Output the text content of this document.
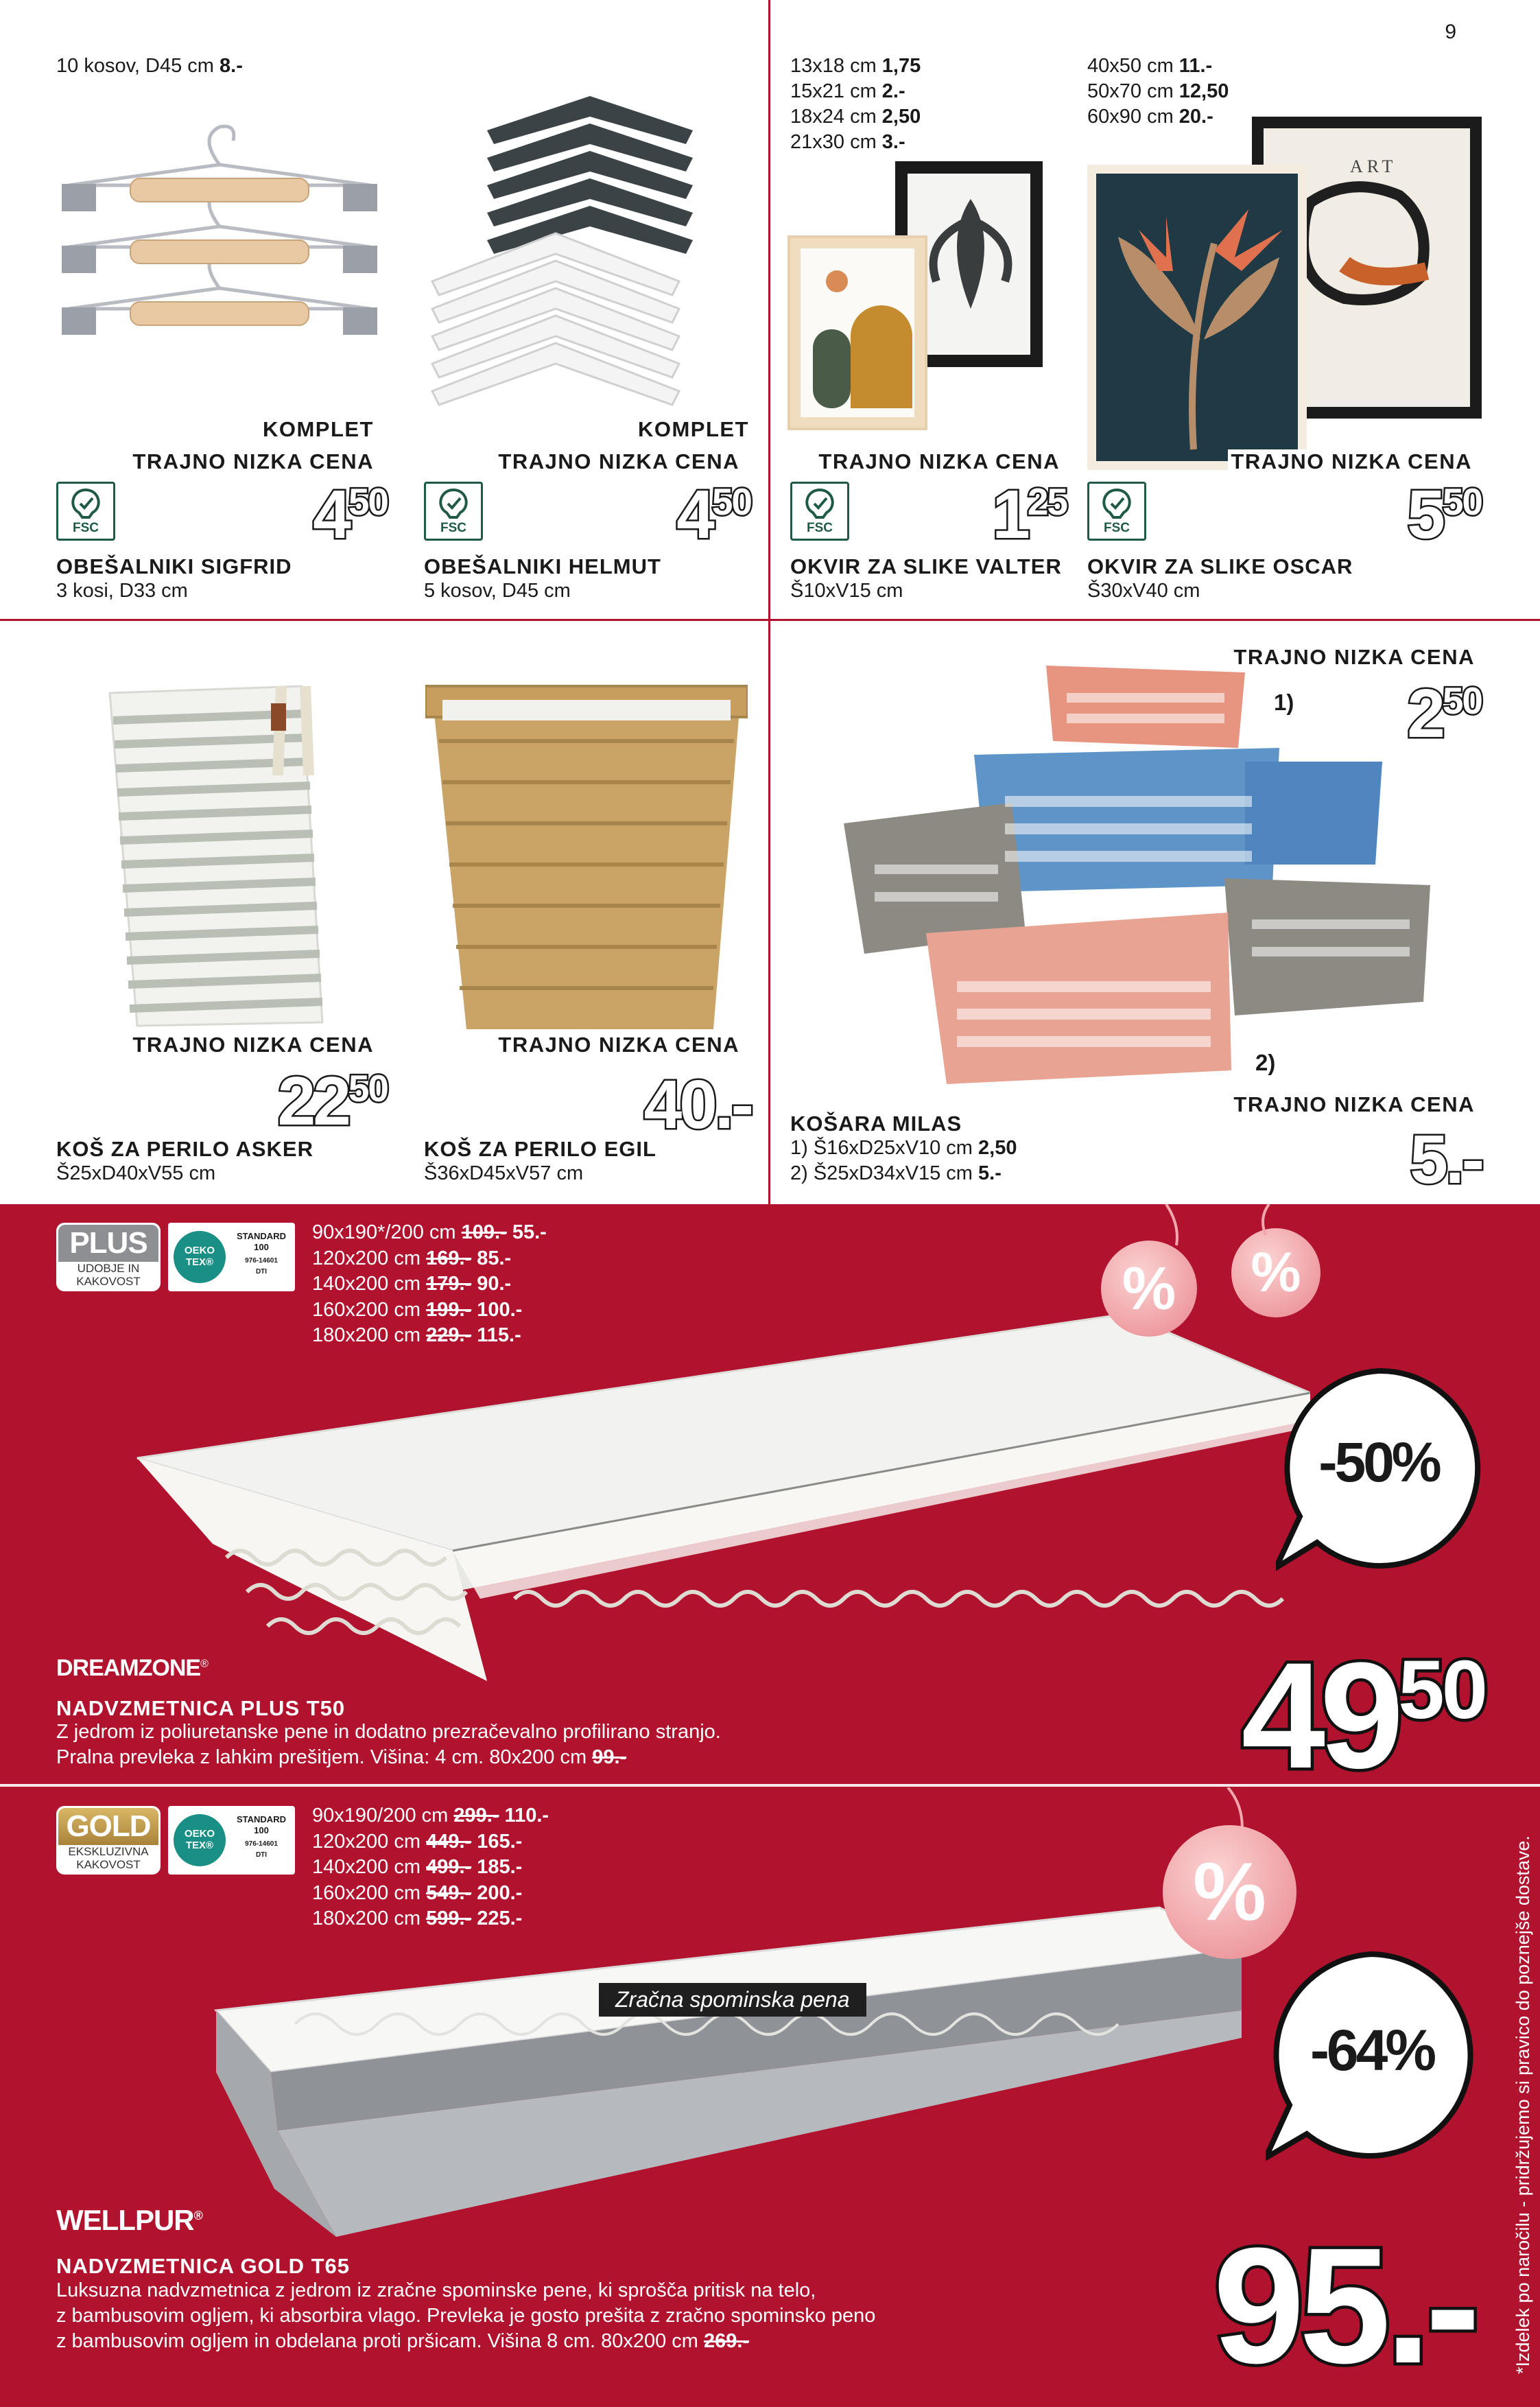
9
10 kosov, D45 cm 8.-
KOMPLET
TRAJNO NIZKA CENA
FSC	$4^{50}$
OBEŠALNIKI SIGFRID
3 kosi, D33 cm
KOMPLET
TRAJNO NIZKA CENA
FSC	$4^{50}$
OBEŠALNIKI HELMUT
5 kosov, D45 cm
13x18 cm 1,75
15x21 cm 2.-
18x24 cm 2,50
21x30 cm 3.-
TRAJNO NIZKA CENA
FSC $1^{25}$
OKVIR ZA SLIKE VALTER
Š10xV15 cm
40x50 cm 11.-
50x70 cm 12,50
60x90 cm 20.-
ART
TRAJNO NIZKA CENA
FSC	$5^{50}$
OKVIR ZA SLIKE OSCAR
Š30xV40 cm
TRAJNO NIZKA CENA
$22^{50}$
KOŠ ZA PERILO ASKER
Š25xD40xV55 cm
TRAJNO NIZKA CENA
40.-
KOŠ ZA PERILO EGIL
Š36xD45xV57 cm
TRAJNO NIZKA CENA
1) $2^{50}$
2)
TRAJNO NIZKA CENA
5.-
KOŠARA MILAS
1) Š16xD25xV10 cm 2,50
2) Š25xD34xV15 cm 5.-
PLUS
UDOBJE IN
KAKOVOST
OEKO
TEX®
STANDARD
100
976-14601
DTI
90x190*/200 cm 109.- 55.-
120x200 cm 169.- 85.-
140x200 cm 179.- 90.-
160x200 cm 199.- 100.-
180x200 cm 229.- 115.-
%	%
-50%
DREAMZONE®
NADVZMETNICA PLUS T50
Z jedrom iz poliuretanske pene in dodatno prezračevalno profilirano stranjo.
Pralna prevleka z lahkim prešitjem. Višina: 4 cm. 80x200 cm 99.-	$49^{50}$
GOLD
EKSKLUZIVNA
KAKOVOST
OEKO
TEX®
STANDARD
100
976-14601
DTI
90x190/200 cm 299.- 110.-
120x200 cm 449.- 165.-
140x200 cm 499.- 185.-
160x200 cm 549.- 200.-
180x200 cm 599.- 225.-
Zračna spominska pena
%
-64%
WELLPUR®
NADVZMETNICA GOLD T65
Luksuzna nadvzmetnica z jedrom iz zračne spominske pene, ki sprošča pritisk na telo,
z bambusovim ogljem, ki absorbira vlago. Prevleka je gosto prešita z zračno spominsko peno
z bambusovim ogljem in obdelana proti pršicam. Višina 8 cm. 80x200 cm 269.-	95.- *Izdelek po naročilu - pridržujemo si pravico do poznejše dostave.
